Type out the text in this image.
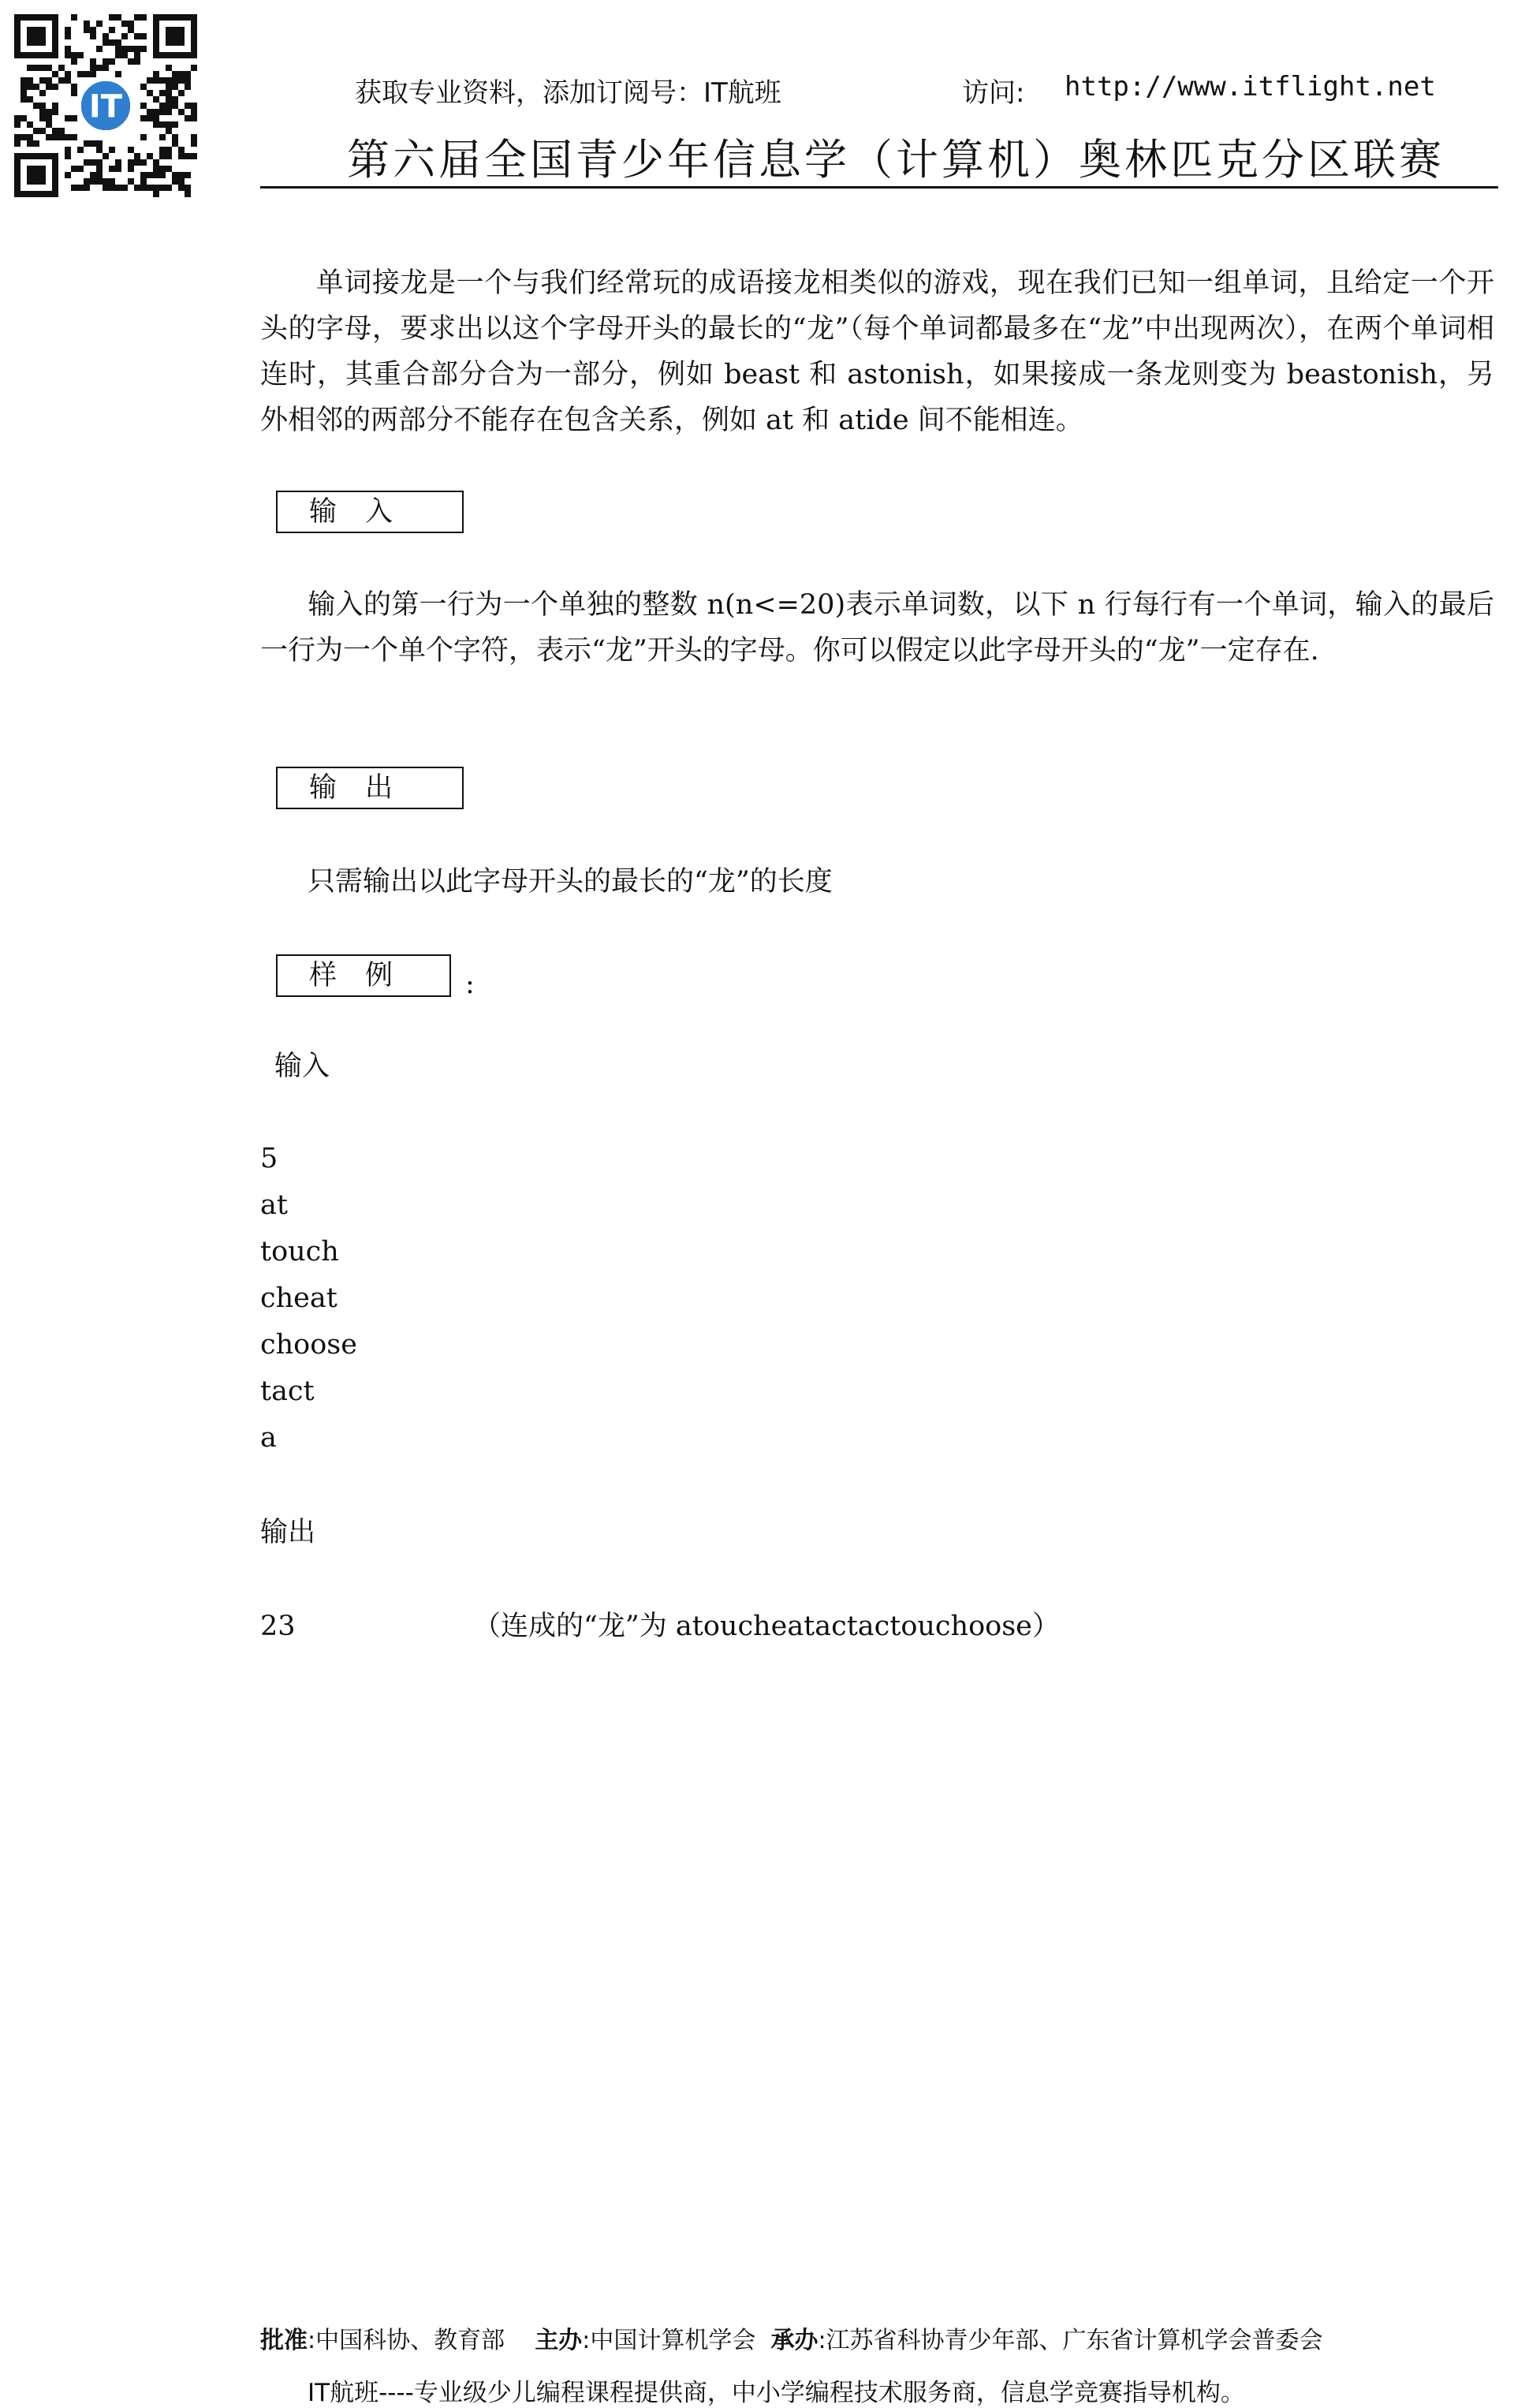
IT	获取专业资料，添加订阅号：IT航班	访问: http://www.itflight.net
第六届全国青少年信息学（计算机）奥林匹克分区联赛
单词接龙是一个与我们经常玩的成语接龙相类似的游戏，现在我们已知一组单词，且给定一个开头的字母，要求出以这个字母开头的最长的“龙”（每个单词都最多在“龙”中出现两次），在两个单词相连时，其重合部分合为一部分，例如 beast 和 astonish，如果接成一条龙则变为 beastonish，另外相邻的两部分不能存在包含关系，例如 at 和 atide 间不能相连。
输入
输入的第一行为一个单独的整数 n(n<=20)表示单词数，以下 n 行每行有一个单词，输入的最后一行为一个单个字符，表示“龙”开头的字母。你可以假定以此字母开头的“龙”一定存在.
输出
只需输出以此字母开头的最长的“龙”的长度
样例	:
输入
5
at
touch
cheat
choose
tact
a
输出
23	（连成的“龙”为 atoucheatactactouchoose）
批准:中国科协、教育部 主办:中国计算机学会 承办:江苏省科协青少年部、广东省计算机学会普委会
IT航班----专业级少儿编程课程提供商，中小学编程技术服务商，信息学竞赛指导机构。
